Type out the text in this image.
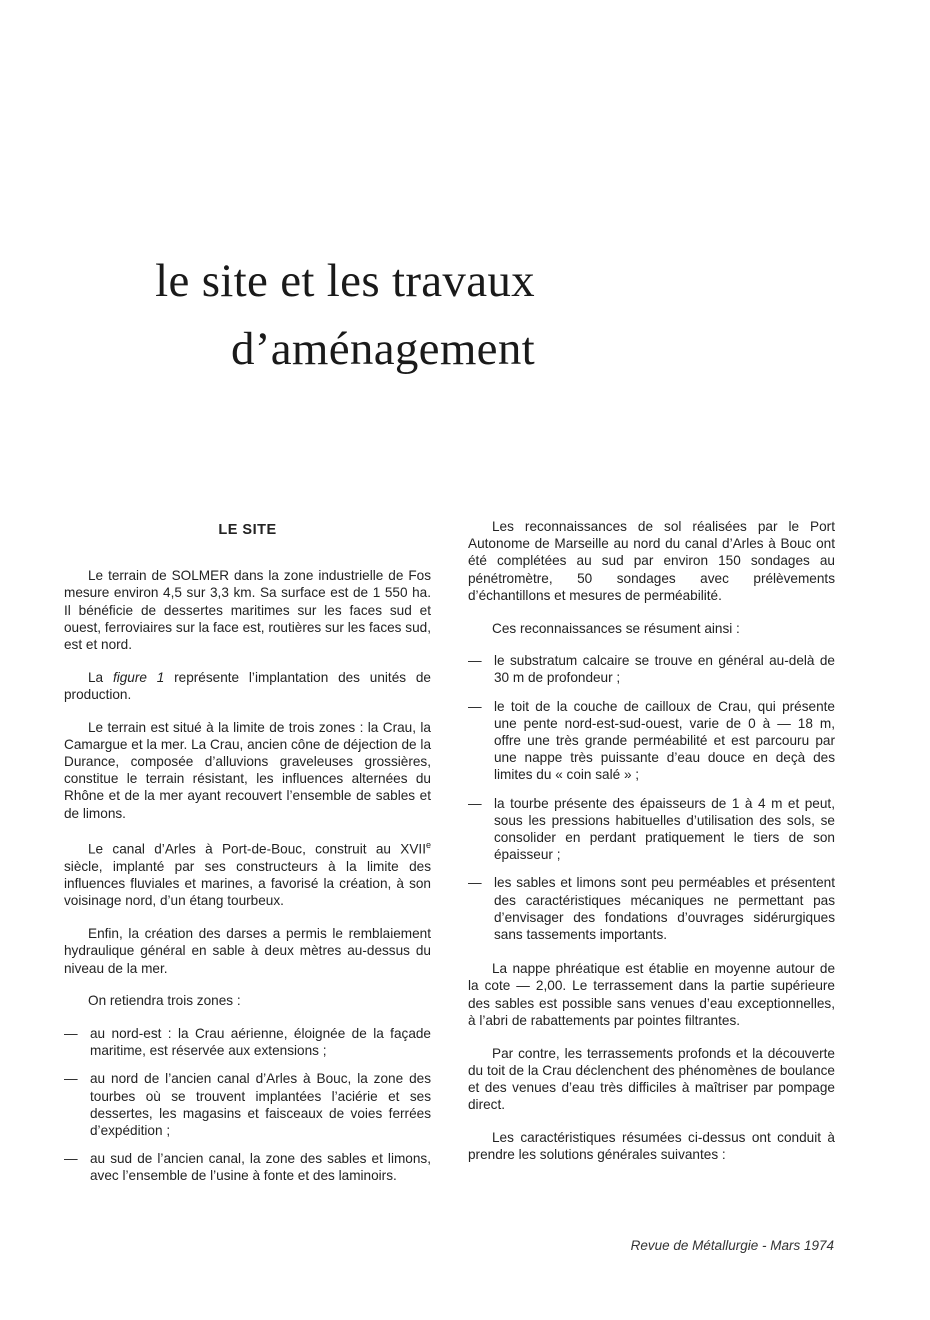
le site et les travaux
d’aménagement
LE SITE

Le terrain de SOLMER dans la zone industrielle de Fos mesure environ 4,5 sur 3,3 km. Sa surface est de 1 550 ha. Il bénéficie de dessertes maritimes sur les faces sud et ouest, ferroviaires sur la face est, routières sur les faces sud, est et nord.

La figure 1 représente l’implantation des unités de production.

Le terrain est situé à la limite de trois zones : la Crau, la Camargue et la mer. La Crau, ancien cône de déjection de la Durance, composée d’alluvions graveleuses grossières, constitue le terrain résistant, les influences alternées du Rhône et de la mer ayant recouvert l’ensemble de sables et de limons.

Le canal d’Arles à Port-de-Bouc, construit au XVIIe siècle, implanté par ses constructeurs à la limite des influences fluviales et marines, a favorisé la création, à son voisinage nord, d’un étang tourbeux.

Enfin, la création des darses a permis le remblaiement hydraulique général en sable à deux mètres au-dessus du niveau de la mer.

On retiendra trois zones :

— au nord-est : la Crau aérienne, éloignée de la façade maritime, est réservée aux extensions ;
— au nord de l’ancien canal d’Arles à Bouc, la zone des tourbes où se trouvent implantées l’aciérie et ses dessertes, les magasins et faisceaux de voies ferrées d’expédition ;
— au sud de l’ancien canal, la zone des sables et limons, avec l’ensemble de l’usine à fonte et des laminoirs.

Les reconnaissances de sol réalisées par le Port Autonome de Marseille au nord du canal d’Arles à Bouc ont été complétées au sud par environ 150 sondages au pénétromètre, 50 sondages avec prélèvements d’échantillons et mesures de perméabilité.

Ces reconnaissances se résument ainsi :

— le substratum calcaire se trouve en général au-delà de 30 m de profondeur ;
— le toit de la couche de cailloux de Crau, qui présente une pente nord-est-sud-ouest, varie de 0 à — 18 m, offre une très grande perméabilité et est parcouru par une nappe très puissante d’eau douce en deçà des limites du « coin salé » ;
— la tourbe présente des épaisseurs de 1 à 4 m et peut, sous les pressions habituelles d’utilisation des sols, se consolider en perdant pratiquement le tiers de son épaisseur ;
— les sables et limons sont peu perméables et présentent des caractéristiques mécaniques ne permettant pas d’envisager des fondations d’ouvrages sidérurgiques sans tassements importants.

La nappe phréatique est établie en moyenne autour de la cote — 2,00. Le terrassement dans la partie supérieure des sables est possible sans venues d’eau exceptionnelles, à l’abri de rabattements par pointes filtrantes.

Par contre, les terrassements profonds et la découverte du toit de la Crau déclenchent des phénomènes de boulance et des venues d’eau très difficiles à maîtriser par pompage direct.

Les caractéristiques résumées ci-dessus ont conduit à prendre les solutions générales suivantes :

Revue de Métallurgie - Mars 1974
